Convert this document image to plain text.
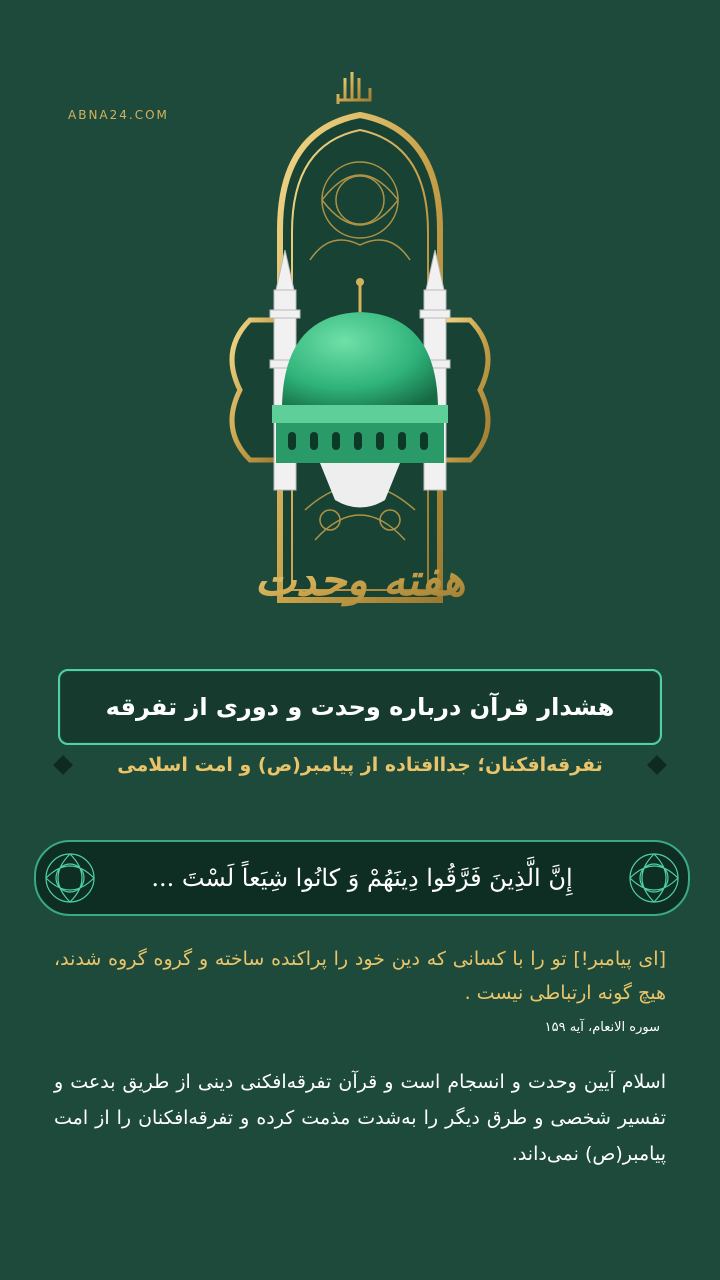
ABNA24.COM
هفته وحدت
هشدار قرآن درباره وحدت و دوری از تفرقه
تفرقه‌افکنان؛ جداافتاده از پیامبر(ص) و امت اسلامی
إِنَّ الَّذِینَ فَرَّقُوا دِینَهُمْ وَ کانُوا شِیَعاً لَسْتَ ...
[ای پیامبر!] تو را با کسانی که دین خود را پراکنده ساخته و گروه گروه شدند، هیچ گونه ارتباطی نیست .
سوره الانعام، آیه ۱۵۹
اسلام آیین وحدت و انسجام است و قرآن تفرقه‌افکنی دینی از طریق بدعت و تفسیر شخصی و طرق دیگر را به‌شدت مذمت کرده و تفرقه‌افکنان را از امت پیامبر(ص) نمی‌داند.
